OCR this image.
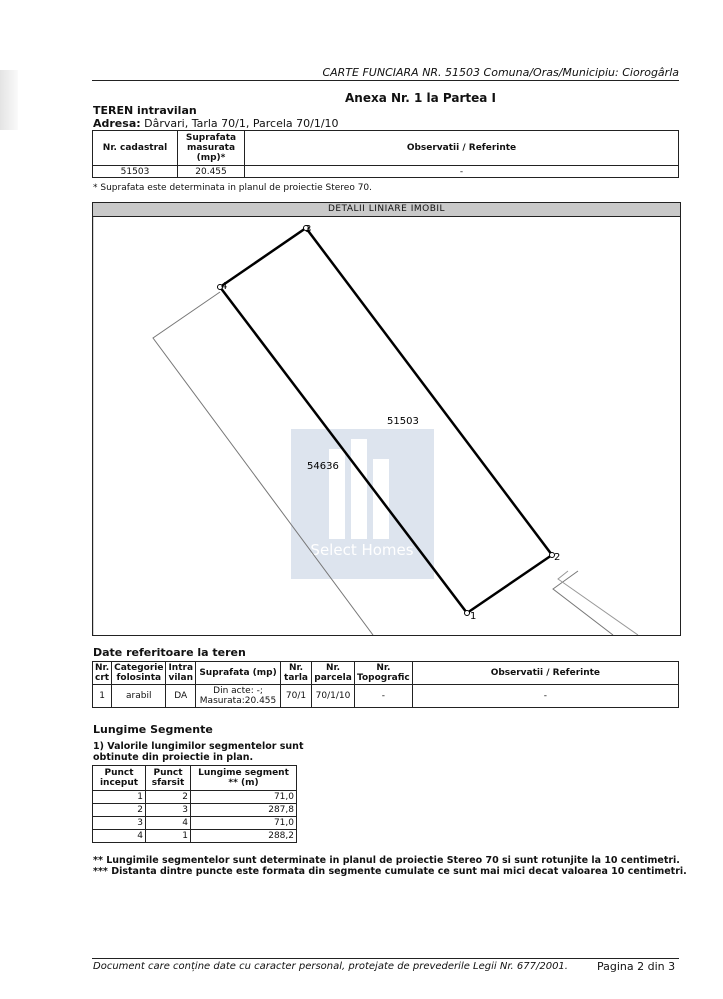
CARTE FUNCIARA NR. 51503 Comuna/Oras/Municipiu: Ciorogârla
Anexa Nr. 1 la Partea I
TEREN intravilan
Adresa: Dârvari, Tarla 70/1, Parcela 70/1/10
Nr. cadastral	Suprafata masurata (mp)*	Observatii / Referinte
51503	20.455	-
* Suprafata este determinata in planul de proiectie Stereo 70.
DETALII LINIARE IMOBIL
Select Homes
1
2
3
4
51503
54636
Date referitoare la teren
Nr. crt	Categorie folosinta	Intra vilan	Suprafata (mp)	Nr. tarla	Nr. parcela	Nr. Topografic	Observatii / Referinte
1	arabil	DA	Din acte: -; Masurata:20.455	70/1	70/1/10	-	-
Lungime Segmente
1) Valorile lungimilor segmentelor sunt obtinute din proiectie in plan.
Punct inceput	Punct sfarsit	Lungime segment ** (m)
1	2	71,0
2	3	287,8
3	4	71,0
4	1	288,2
** Lungimile segmentelor sunt determinate in planul de proiectie Stereo 70 si sunt rotunjite la 10 centimetri.
*** Distanta dintre puncte este formata din segmente cumulate ce sunt mai mici decat valoarea 10 centimetri.
Document care conține date cu caracter personal, protejate de prevederile Legii Nr. 677/2001.	Pagina 2 din 3
